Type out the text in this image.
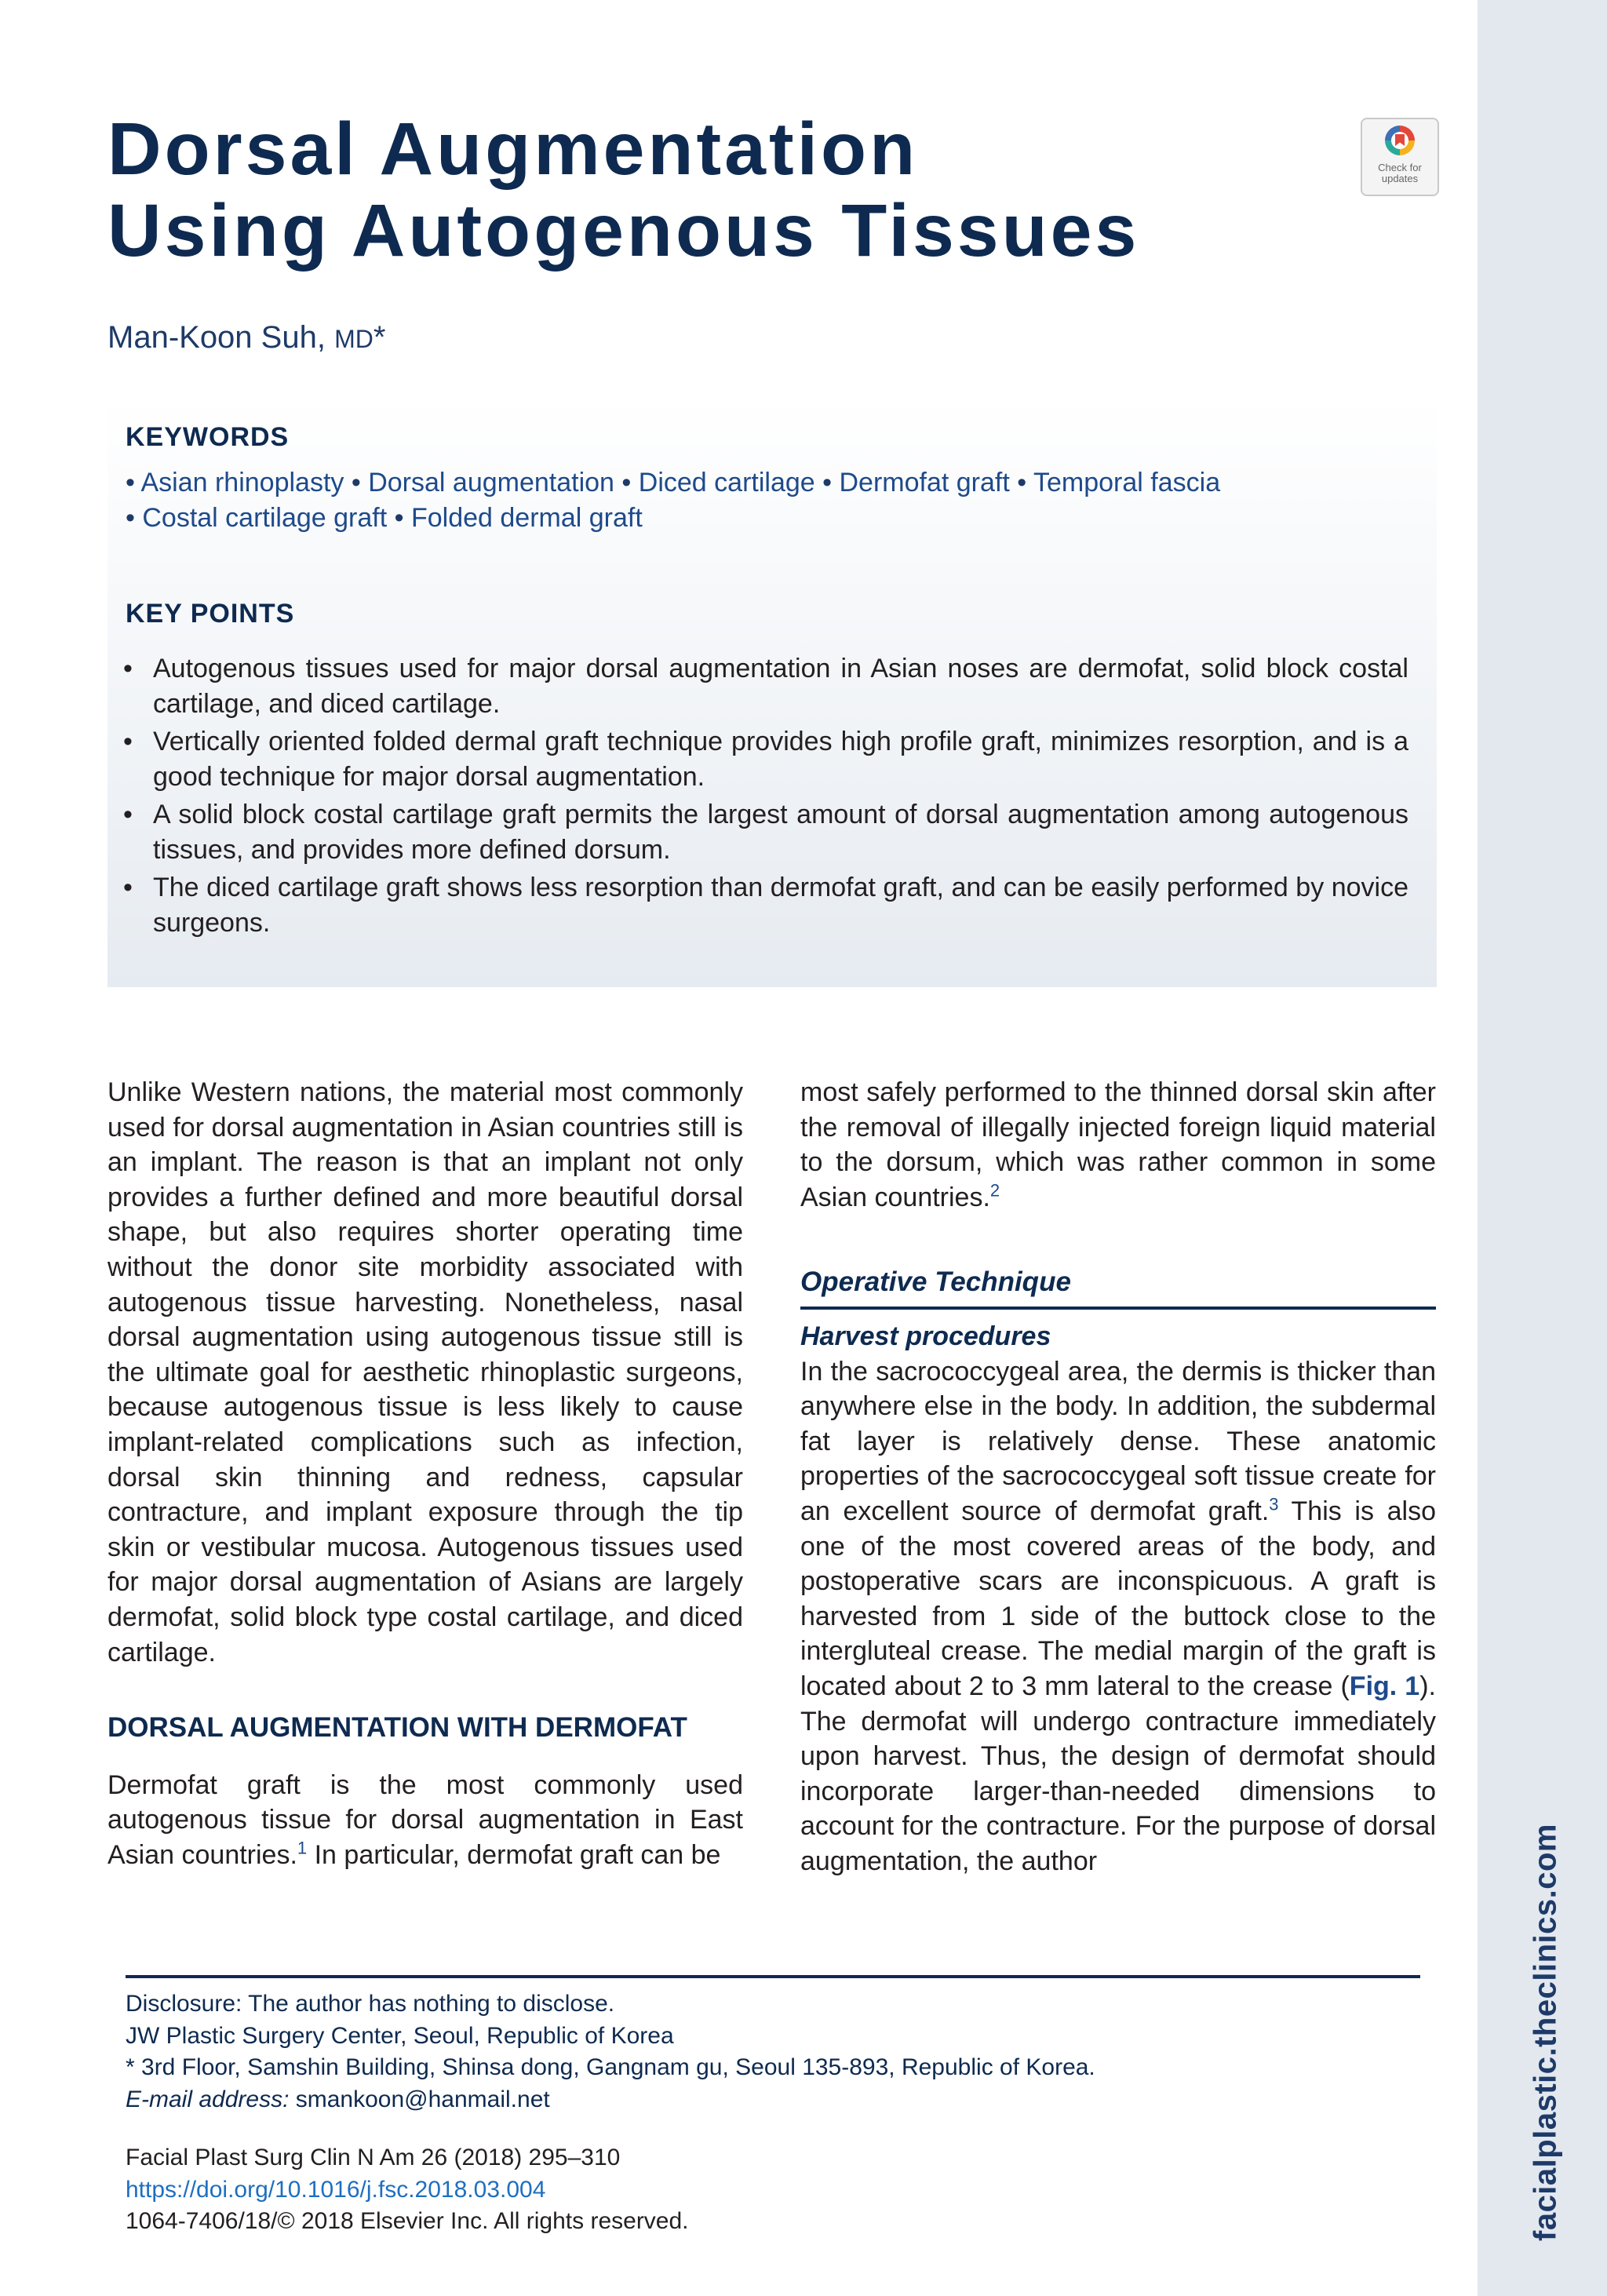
facialplastic.theclinics.com
Dorsal Augmentation
Using Autogenous Tissues
Check for
updates
Man-Koon Suh, MD*
KEYWORDS
• Asian rhinoplasty • Dorsal augmentation • Diced cartilage • Dermofat graft • Temporal fascia
• Costal cartilage graft • Folded dermal graft
KEY POINTS
• Autogenous tissues used for major dorsal augmentation in Asian noses are dermofat, solid block costal cartilage, and diced cartilage.
• Vertically oriented folded dermal graft technique provides high profile graft, minimizes resorption, and is a good technique for major dorsal augmentation.
• A solid block costal cartilage graft permits the largest amount of dorsal augmentation among autogenous tissues, and provides more defined dorsum.
• The diced cartilage graft shows less resorption than dermofat graft, and can be easily performed by novice surgeons.

Unlike Western nations, the material most commonly used for dorsal augmentation in Asian countries still is an implant. The reason is that an implant not only provides a further defined and more beautiful dorsal shape, but also requires shorter operating time without the donor site morbidity associated with autogenous tissue harvesting. Nonetheless, nasal dorsal augmentation using autogenous tissue still is the ultimate goal for aesthetic rhinoplastic surgeons, because autogenous tissue is less likely to cause implant-related complications such as infection, dorsal skin thinning and redness, capsular contracture, and implant exposure through the tip skin or vestibular mucosa. Autogenous tissues used for major dorsal augmentation of Asians are largely dermofat, solid block type costal cartilage, and diced cartilage.

DORSAL AUGMENTATION WITH DERMOFAT

Dermofat graft is the most commonly used autogenous tissue for dorsal augmentation in East Asian countries.$^1$ In particular, dermofat graft can be

most safely performed to the thinned dorsal skin after the removal of illegally injected foreign liquid material to the dorsum, which was rather common in some Asian countries.$^2$

Operative Technique
Harvest procedures

In the sacrococcygeal area, the dermis is thicker than anywhere else in the body. In addition, the subdermal fat layer is relatively dense. These anatomic properties of the sacrococcygeal soft tissue create for an excellent source of dermofat graft.$^3$ This is also one of the most covered areas of the body, and postoperative scars are inconspicuous. A graft is harvested from 1 side of the buttock close to the intergluteal crease. The medial margin of the graft is located about 2 to 3 mm lateral to the crease (Fig. 1). The dermofat will undergo contracture immediately upon harvest. Thus, the design of dermofat should incorporate larger-than-needed dimensions to account for the contracture. For the purpose of dorsal augmentation, the author

Disclosure: The author has nothing to disclose.
JW Plastic Surgery Center, Seoul, Republic of Korea
* 3rd Floor, Samshin Building, Shinsa dong, Gangnam gu, Seoul 135-893, Republic of Korea.
E-mail address: smankoon@hanmail.net
Facial Plast Surg Clin N Am 26 (2018) 295–310
https://doi.org/10.1016/j.fsc.2018.03.004
1064-7406/18/© 2018 Elsevier Inc. All rights reserved.
